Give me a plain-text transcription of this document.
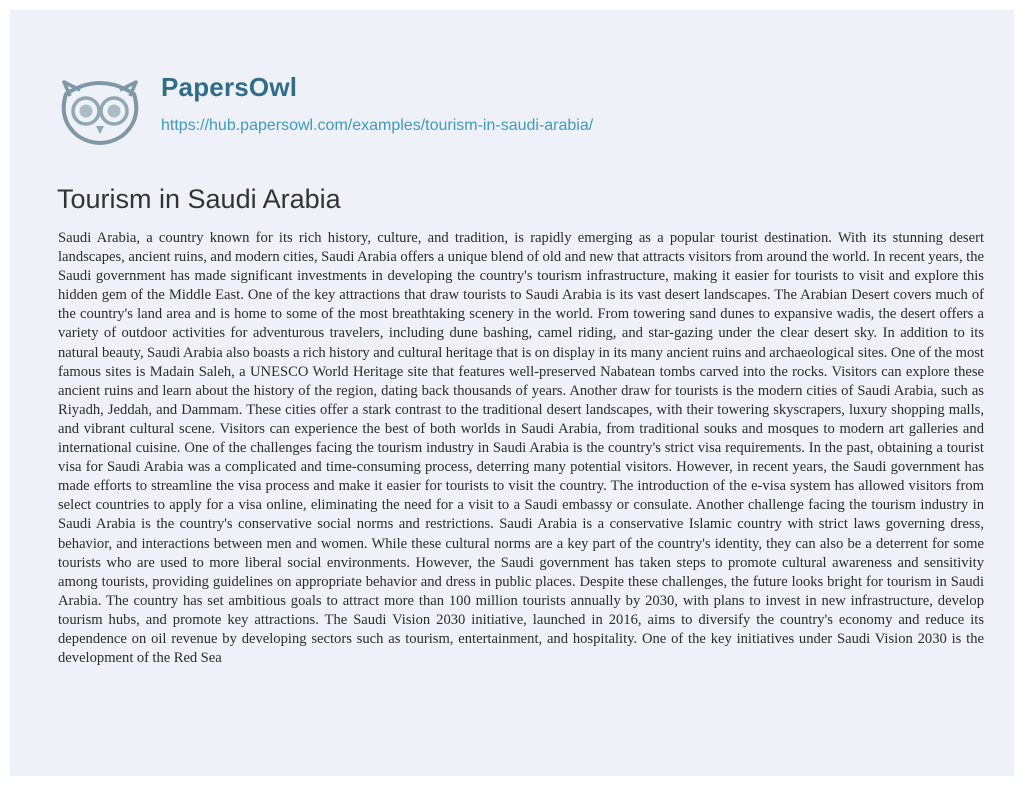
PapersOwl
https://hub.papersowl.com/examples/tourism-in-saudi-arabia/
Tourism in Saudi Arabia

Saudi Arabia, a country known for its rich history, culture, and tradition, is rapidly emerging as a popular tourist destination. With its stunning desert landscapes, ancient ruins, and modern cities, Saudi Arabia offers a unique blend of old and new that attracts visitors from around the world. In recent years, the Saudi government has made significant investments in developing the country's tourism infrastructure, making it easier for tourists to visit and explore this hidden gem of the Middle East. One of the key attractions that draw tourists to Saudi Arabia is its vast desert landscapes. The Arabian Desert covers much of the country's land area and is home to some of the most breathtaking scenery in the world. From towering sand dunes to expansive wadis, the desert offers a variety of outdoor activities for adventurous travelers, including dune bashing, camel riding, and star-gazing under the clear desert sky. In addition to its natural beauty, Saudi Arabia also boasts a rich history and cultural heritage that is on display in its many ancient ruins and archaeological sites. One of the most famous sites is Madain Saleh, a UNESCO World Heritage site that features well-preserved Nabatean tombs carved into the rocks. Visitors can explore these ancient ruins and learn about the history of the region, dating back thousands of years. Another draw for tourists is the modern cities of Saudi Arabia, such as Riyadh, Jeddah, and Dammam. These cities offer a stark contrast to the traditional desert landscapes, with their towering skyscrapers, luxury shopping malls, and vibrant cultural scene. Visitors can experience the best of both worlds in Saudi Arabia, from traditional souks and mosques to modern art galleries and international cuisine. One of the challenges facing the tourism industry in Saudi Arabia is the country's strict visa requirements. In the past, obtaining a tourist visa for Saudi Arabia was a complicated and time-consuming process, deterring many potential visitors. However, in recent years, the Saudi government has made efforts to streamline the visa process and make it easier for tourists to visit the country. The introduction of the e-visa system has allowed visitors from select countries to apply for a visa online, eliminating the need for a visit to a Saudi embassy or consulate. Another challenge facing the tourism industry in Saudi Arabia is the country's conservative social norms and restrictions. Saudi Arabia is a conservative Islamic country with strict laws governing dress, behavior, and interactions between men and women. While these cultural norms are a key part of the country's identity, they can also be a deterrent for some tourists who are used to more liberal social environments. However, the Saudi government has taken steps to promote cultural awareness and sensitivity among tourists, providing guidelines on appropriate behavior and dress in public places. Despite these challenges, the future looks bright for tourism in Saudi Arabia. The country has set ambitious goals to attract more than 100 million tourists annually by 2030, with plans to invest in new infrastructure, develop tourism hubs, and promote key attractions. The Saudi Vision 2030 initiative, launched in 2016, aims to diversify the country's economy and reduce its dependence on oil revenue by developing sectors such as tourism, entertainment, and hospitality. One of the key initiatives under Saudi Vision 2030 is the development of the Red Sea
